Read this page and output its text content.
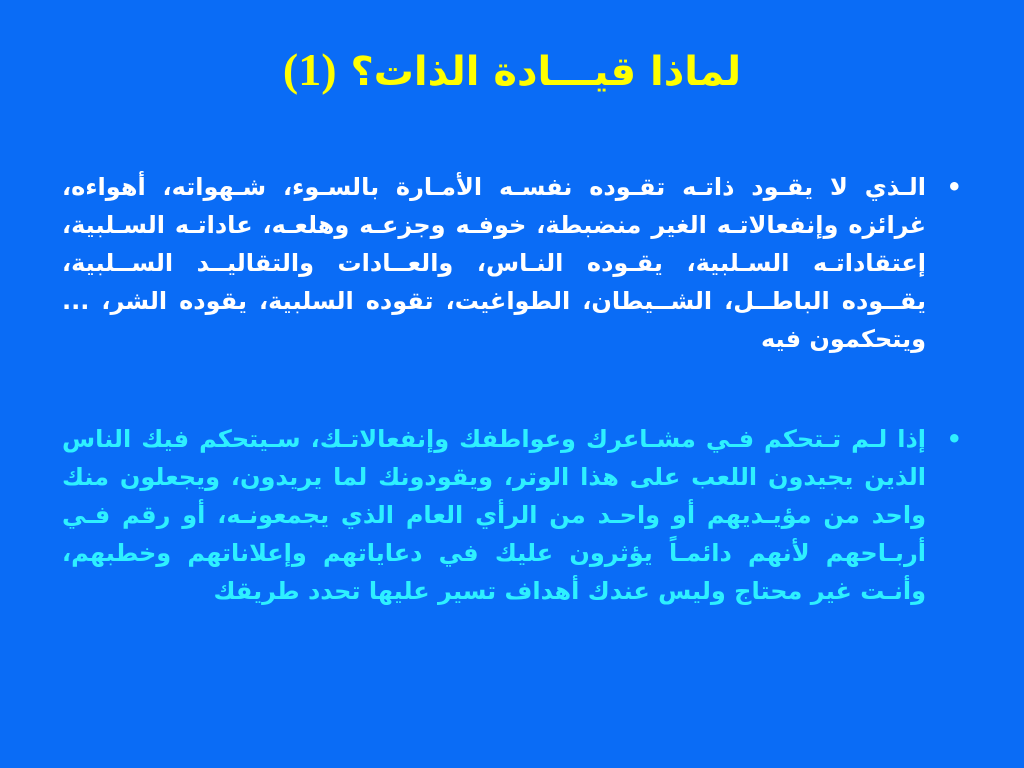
لماذا قيـــادة الذات؟ (1)
•
الـذي لا يقـود ذاتـه تقـوده نفسـه الأمـارة بالسـوء، شـهواته، أهواءه، غرائزه وإنفعالاتـه الغير منضبطة، خوفـه وجزعـه وهلعـه، عاداتـه السـلبية، إعتقاداتـه السـلبية، يقـوده النـاس، والعــادات والتقاليــد الســلبية، يقــوده الباطــل، الشــيطان، الطواغيت، تقوده السلبية، يقوده الشر، ... ويتحكمون فيه
•
إذا لـم تـتحكم فـي مشـاعرك وعواطفك وإنفعالاتـك، سـيتحكم فيك الناس الذين يجيدون اللعب على هذا الوتر، ويقودونك لما يريدون، ويجعلون منك واحد من مؤيـديهم أو واحـد من الرأي العام الذي يجمعونـه، أو رقم فـي أربـاحهم لأنهم دائمـاً يؤثرون عليك في دعاياتهم وإعلاناتهم وخطبهم، وأنـت غير محتاج وليس عندك أهداف تسير عليها تحدد طريقك
